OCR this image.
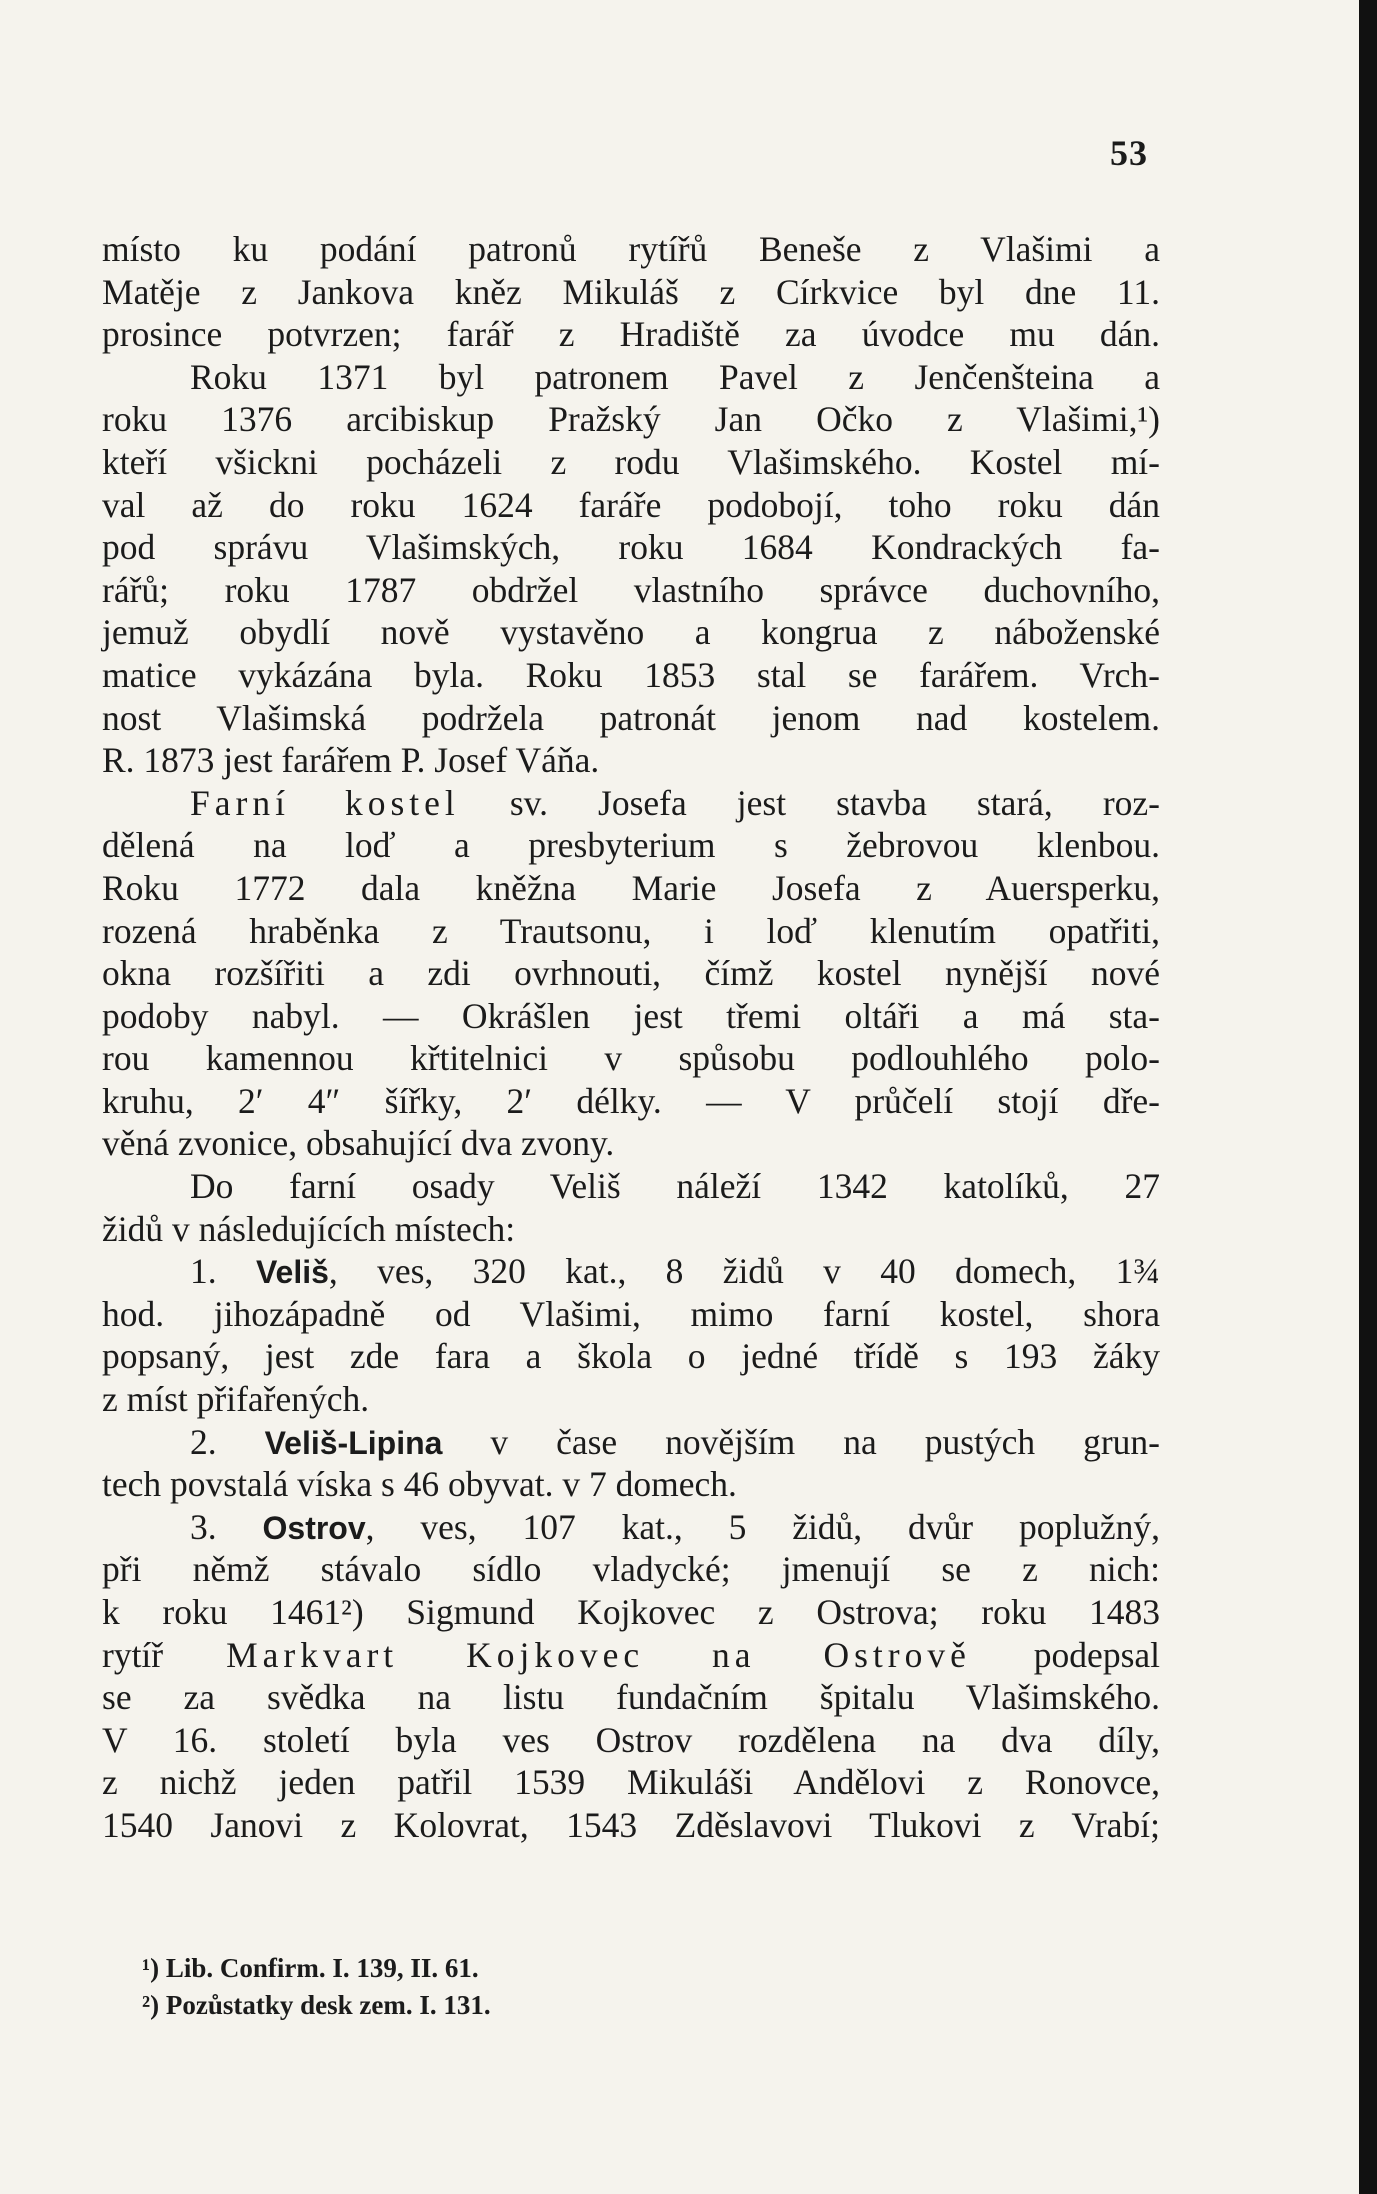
53
místo ku podání patronů rytířů Beneše z Vlašimi a
Matěje z Jankova kněz Mikuláš z Církvice byl dne 11.
prosince potvrzen; farář z Hradiště za úvodce mu dán.
Roku 1371 byl patronem Pavel z Jenčenšteina a
roku 1376 arcibiskup Pražský Jan Očko z Vlašimi,¹)
kteří všickni pocházeli z rodu Vlašimského. Kostel mí-
val až do roku 1624 faráře podobojí, toho roku dán
pod správu Vlašimských, roku 1684 Kondrackých fa-
rářů; roku 1787 obdržel vlastního správce duchovního,
jemuž obydlí nově vystavěno a kongrua z náboženské
matice vykázána byla. Roku 1853 stal se farářem. Vrch-
nost Vlašimská podržela patronát jenom nad kostelem.
R. 1873 jest farářem P. Josef Váňa.
Farní kostel sv. Josefa jest stavba stará, roz-
dělená na loď a presbyterium s žebrovou klenbou.
Roku 1772 dala kněžna Marie Josefa z Auersperku,
rozená hraběnka z Trautsonu, i loď klenutím opatřiti,
okna rozšířiti a zdi ovrhnouti, čímž kostel nynější nové
podoby nabyl. — Okrášlen jest třemi oltáři a má sta-
rou kamennou křtitelnici v spůsobu podlouhlého polo-
kruhu, 2′ 4″ šířky, 2′ délky. — V průčelí stojí dře-
věná zvonice, obsahující dva zvony.
Do farní osady Veliš náleží 1342 katolíků, 27
židů v následujících místech:
1. Veliš, ves, 320 kat., 8 židů v 40 domech, 1¾
hod. jihozápadně od Vlašimi, mimo farní kostel, shora
popsaný, jest zde fara a škola o jedné třídě s 193 žáky
z míst přifařených.
2. Veliš-Lipina v čase novějším na pustých grun-
tech povstalá víska s 46 obyvat. v 7 domech.
3. Ostrov, ves, 107 kat., 5 židů, dvůr poplužný,
při němž stávalo sídlo vladycké; jmenují se z nich:
k roku 1461²) Sigmund Kojkovec z Ostrova; roku 1483
rytíř Markvart Kojkovec na Ostrově podepsal
se za svědka na listu fundačním špitalu Vlašimského.
V 16. století byla ves Ostrov rozdělena na dva díly,
z nichž jeden patřil 1539 Mikuláši Andělovi z Ronovce,
1540 Janovi z Kolovrat, 1543 Zděslavovi Tlukovi z Vrabí;
¹) Lib. Confirm. I. 139, II. 61.
²) Pozůstatky desk zem. I. 131.
